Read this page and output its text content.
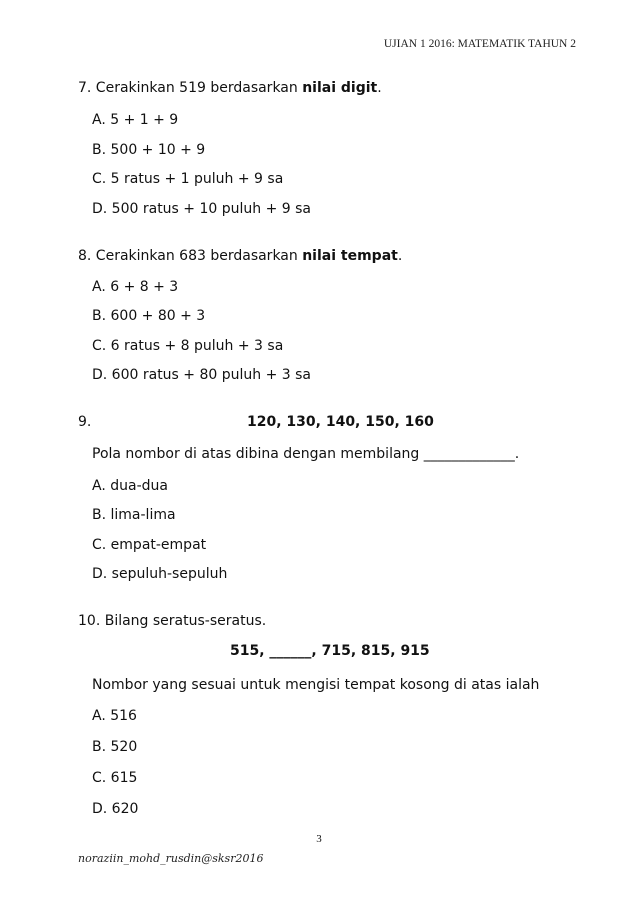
UJIAN 1 2016: MATEMATIK TAHUN 2
7. Cerakinkan 519 berdasarkan nilai digit.
A. 5 + 1 + 9
B. 500 + 10 + 9
C. 5 ratus + 1 puluh + 9 sa
D. 500 ratus + 10 puluh + 9 sa
8. Cerakinkan 683 berdasarkan nilai tempat.
A. 6 + 8 + 3
B. 600 + 80 + 3
C. 6 ratus + 8 puluh + 3 sa
D. 600 ratus + 80 puluh + 3 sa
9.	120, 130, 140, 150, 160
Pola nombor di atas dibina dengan membilang _____________.
A. dua-dua
B. lima-lima
C. empat-empat
D. sepuluh-sepuluh
10. Bilang seratus-seratus.
515, ______, 715, 815, 915
Nombor yang sesuai untuk mengisi tempat kosong di atas ialah
A. 516
B. 520
C. 615
D. 620
3
noraziin_mohd_rusdin@sksr2016
